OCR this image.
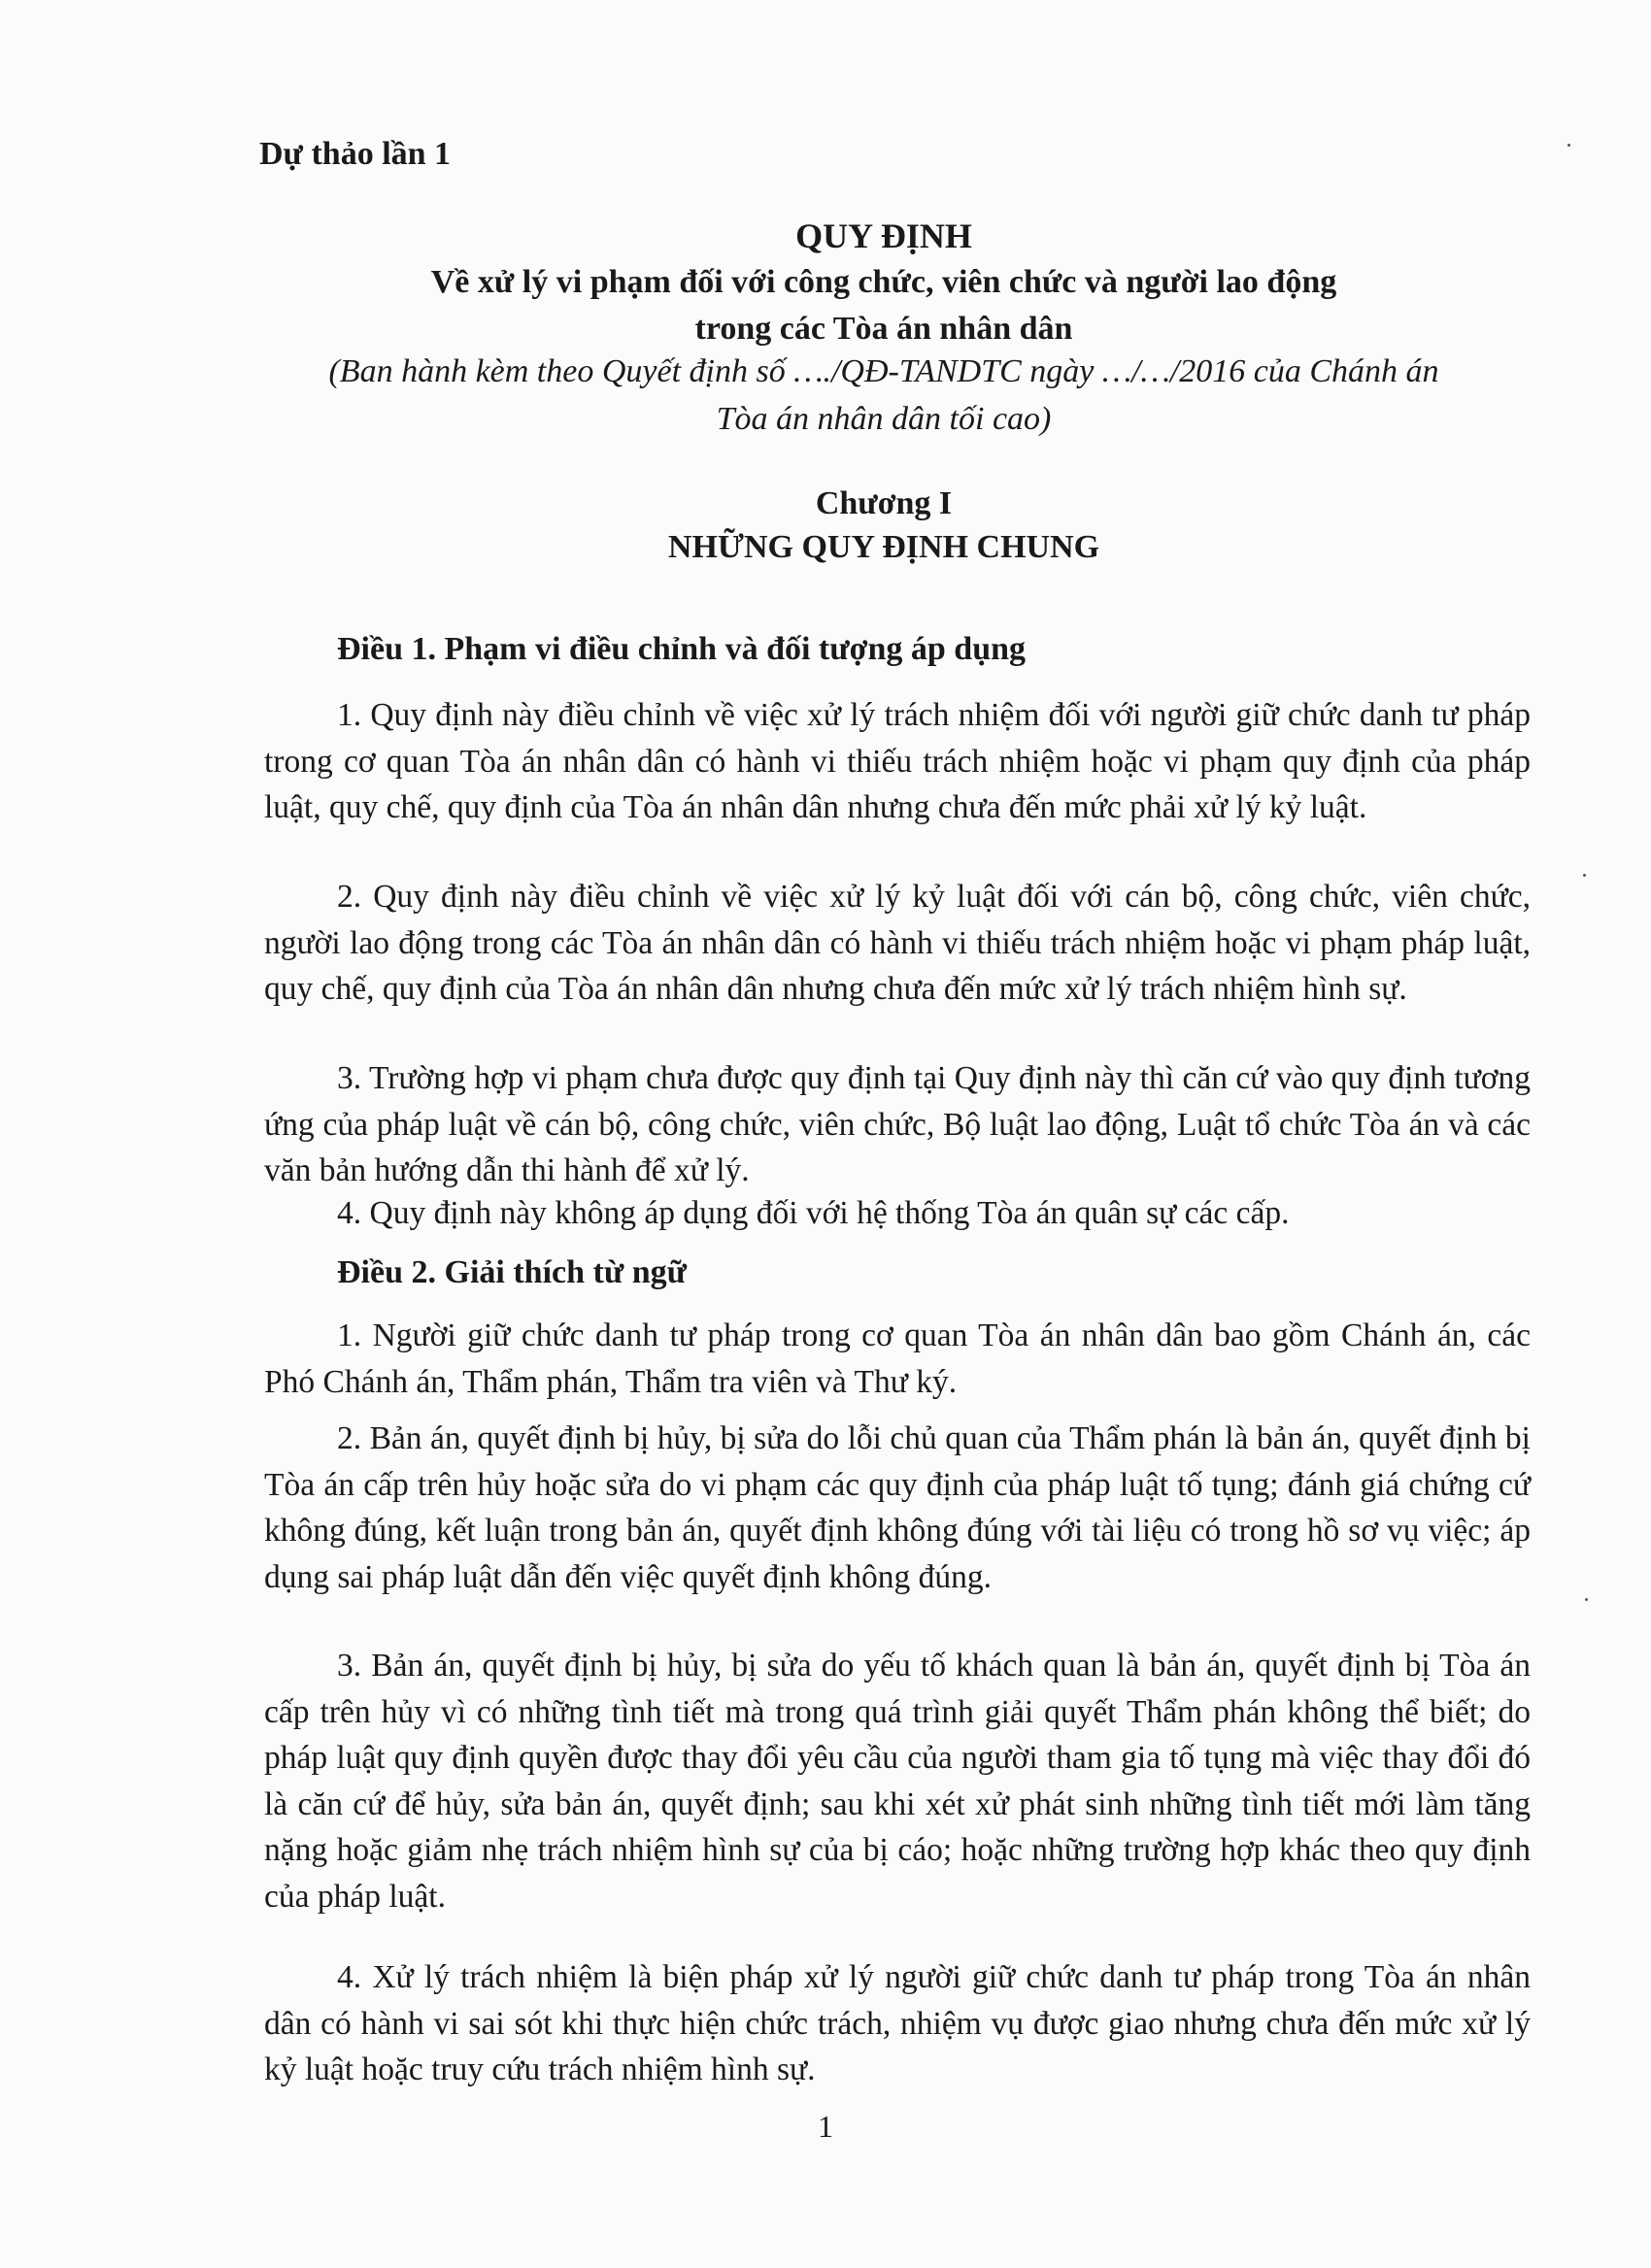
Dự thảo lần 1
QUY ĐỊNH
Về xử lý vi phạm đối với công chức, viên chức và người lao động
trong các Tòa án nhân dân
(Ban hành kèm theo Quyết định số …./QĐ-TANDTC ngày …/…/2016 của Chánh án
Tòa án nhân dân tối cao)
Chương I
NHỮNG QUY ĐỊNH CHUNG
Điều 1. Phạm vi điều chỉnh và đối tượng áp dụng
1. Quy định này điều chỉnh về việc xử lý trách nhiệm đối với người giữ chức danh tư pháp trong cơ quan Tòa án nhân dân có hành vi thiếu trách nhiệm hoặc vi phạm quy định của pháp luật, quy chế, quy định của Tòa án nhân dân nhưng chưa đến mức phải xử lý kỷ luật.
2. Quy định này điều chỉnh về việc xử lý kỷ luật đối với cán bộ, công chức, viên chức, người lao động trong các Tòa án nhân dân có hành vi thiếu trách nhiệm hoặc vi phạm pháp luật, quy chế, quy định của Tòa án nhân dân nhưng chưa đến mức xử lý trách nhiệm hình sự.
3. Trường hợp vi phạm chưa được quy định tại Quy định này thì căn cứ vào quy định tương ứng của pháp luật về cán bộ, công chức, viên chức, Bộ luật lao động, Luật tổ chức Tòa án và các văn bản hướng dẫn thi hành để xử lý.
4. Quy định này không áp dụng đối với hệ thống Tòa án quân sự các cấp.
Điều 2. Giải thích từ ngữ
1. Người giữ chức danh tư pháp trong cơ quan Tòa án nhân dân bao gồm Chánh án, các Phó Chánh án, Thẩm phán, Thẩm tra viên và Thư ký.
2. Bản án, quyết định bị hủy, bị sửa do lỗi chủ quan của Thẩm phán là bản án, quyết định bị Tòa án cấp trên hủy hoặc sửa do vi phạm các quy định của pháp luật tố tụng; đánh giá chứng cứ không đúng, kết luận trong bản án, quyết định không đúng với tài liệu có trong hồ sơ vụ việc; áp dụng sai pháp luật dẫn đến việc quyết định không đúng.
3. Bản án, quyết định bị hủy, bị sửa do yếu tố khách quan là bản án, quyết định bị Tòa án cấp trên hủy vì có những tình tiết mà trong quá trình giải quyết Thẩm phán không thể biết; do pháp luật quy định quyền được thay đổi yêu cầu của người tham gia tố tụng mà việc thay đổi đó là căn cứ để hủy, sửa bản án, quyết định; sau khi xét xử phát sinh những tình tiết mới làm tăng nặng hoặc giảm nhẹ trách nhiệm hình sự của bị cáo; hoặc những trường hợp khác theo quy định của pháp luật.
4. Xử lý trách nhiệm là biện pháp xử lý người giữ chức danh tư pháp trong Tòa án nhân dân có hành vi sai sót khi thực hiện chức trách, nhiệm vụ được giao nhưng chưa đến mức xử lý kỷ luật hoặc truy cứu trách nhiệm hình sự.
1
